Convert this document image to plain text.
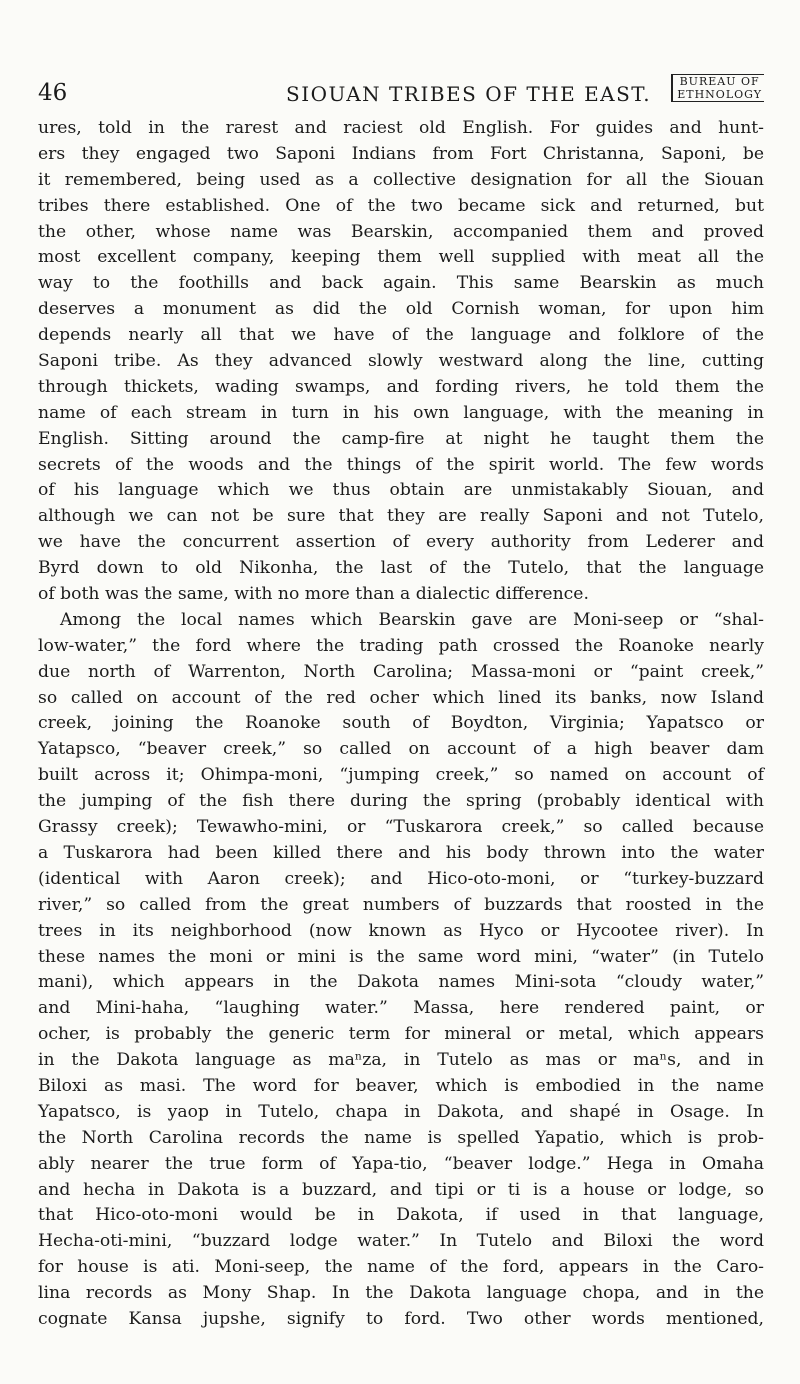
46	SIOUAN TRIBES OF THE EAST.
BUREAU OF
ETHNOLOGY
ures, told in the rarest and raciest old English. For guides and hunt-
ers they engaged two Saponi Indians from Fort Christanna, Saponi, be
it remembered, being used as a collective designation for all the Siouan
tribes there established. One of the two became sick and returned, but
the other, whose name was Bearskin, accompanied them and proved
most excellent company, keeping them well supplied with meat all the
way to the foothills and back again. This same Bearskin as much
deserves a monument as did the old Cornish woman, for upon him
depends nearly all that we have of the language and folklore of the
Saponi tribe. As they advanced slowly westward along the line, cutting
through thickets, wading swamps, and fording rivers, he told them the
name of each stream in turn in his own language, with the meaning in
English. Sitting around the camp-fire at night he taught them the
secrets of the woods and the things of the spirit world. The few words
of his language which we thus obtain are unmistakably Siouan, and
although we can not be sure that they are really Saponi and not Tutelo,
we have the concurrent assertion of every authority from Lederer and
Byrd down to old Nikonha, the last of the Tutelo, that the language
of both was the same, with no more than a dialectic difference.
Among the local names which Bearskin gave are Moni-seep or “shal-
low-water,” the ford where the trading path crossed the Roanoke nearly
due north of Warrenton, North Carolina; Massa-moni or “paint creek,”
so called on account of the red ocher which lined its banks, now Island
creek, joining the Roanoke south of Boydton, Virginia; Yapatsco or
Yatapsco, “beaver creek,” so called on account of a high beaver dam
built across it; Ohimpa-moni, “jumping creek,” so named on account of
the jumping of the fish there during the spring (probably identical with
Grassy creek); Tewawho-mini, or “Tuskarora creek,” so called because
a Tuskarora had been killed there and his body thrown into the water
(identical with Aaron creek); and Hico-oto-moni, or “turkey-buzzard
river,” so called from the great numbers of buzzards that roosted in the
trees in its neighborhood (now known as Hyco or Hycootee river). In
these names the moni or mini is the same word mini, “water” (in Tutelo
mani), which appears in the Dakota names Mini-sota “cloudy water,”
and Mini-haha, “laughing water.” Massa, here rendered paint, or
ocher, is probably the generic term for mineral or metal, which appears
in the Dakota language as maⁿza, in Tutelo as mas or maⁿs, and in
Biloxi as masi. The word for beaver, which is embodied in the name
Yapatsco, is yaop in Tutelo, chapa in Dakota, and shapé in Osage. In
the North Carolina records the name is spelled Yapatio, which is prob-
ably nearer the true form of Yapa-tio, “beaver lodge.” Hega in Omaha
and hecha in Dakota is a buzzard, and tipi or ti is a house or lodge, so
that Hico-oto-moni would be in Dakota, if used in that language,
Hecha-oti-mini, “buzzard lodge water.” In Tutelo and Biloxi the word
for house is ati. Moni-seep, the name of the ford, appears in the Caro-
lina records as Mony Shap. In the Dakota language chopa, and in the
cognate Kansa jupshe, signify to ford. Two other words mentioned,
